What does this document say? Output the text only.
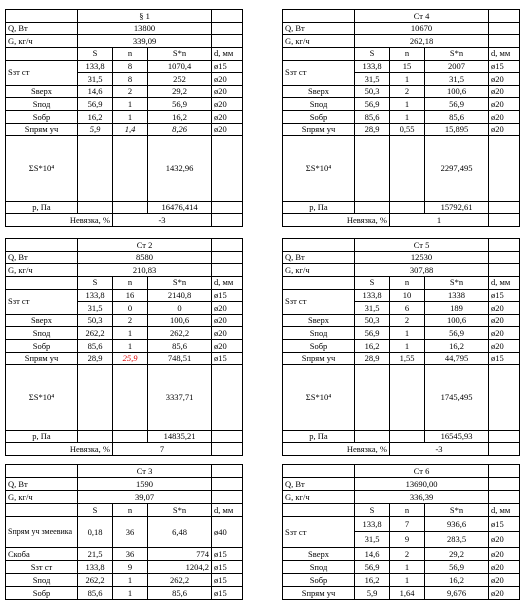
	§ 1			
Q, Вт	13800			
G, кг/ч	339,09			
	S	n	S*n	d, мм
Sзт ст	133,8	8	1070,4	ø15
	31,5	8	252	ø20
Sверх	14,6	2	29,2	ø20
Sпод	56,9	1	56,9	ø20
Sобр	16,2	1	16,2	ø20
Sпрям уч	5,9	1,4	8,26	ø20
ΣS*10⁴			1432,96	
р, Па			16476,414	
Невязка, %		-3		
	Ст 4			
Q, Вт	10670			
G, кг/ч	262,18			
	S	n	S*n	d, мм
Sзт ст	133,8	15	2007	ø15
	31,5	1	31,5	ø20
Sверх	50,3	2	100,6	ø20
Sпод	56,9	1	56,9	ø20
Sобр	85,6	1	85,6	ø20
Sпрям уч	28,9	0,55	15,895	ø20
ΣS*10⁴			2297,495	
р, Па			15792,61	
Невязка, %		1		
	Ст 2			
Q, Вт	8580			
G, кг/ч	210,83			
	S	n	S*n	d, мм
Sзт ст	133,8	16	2140,8	ø15
	31,5	0	0	ø20
Sверх	50,3	2	100,6	ø20
Sпод	262,2	1	262,2	ø20
Sобр	85,6	1	85,6	ø20
Sпрям уч	28,9	25,9	748,51	ø15
ΣS*10⁴			3337,71	
р, Па			14835,21	
Невязка, %		7		
	Ст 5			
Q, Вт	12530			
G, кг/ч	307,88			
	S	n	S*n	d, мм
Sзт ст	133,8	10	1338	ø15
	31,5	6	189	ø20
Sверх	50,3	2	100,6	ø20
Sпод	56,9	1	56,9	ø20
Sобр	16,2	1	16,2	ø20
Sпрям уч	28,9	1,55	44,795	ø15
ΣS*10⁴			1745,495	
р, Па			16545,93	
Невязка, %		-3		
	Ст 3			
Q, Вт	1590			
G, кг/ч	39,07			
	S	n	S*n	d, мм
Sпрям уч змеевика	0,18	36	6,48	ø40
Скоба	21,5	36	774	ø15
Sзт ст	133,8	9	1204,2	ø15
Sпод	262,2	1	262,2	ø15
Sобр	85,6	1	85,6	ø15
	Ст 6			
Q, Вт	13690,00			
G, кг/ч	336,39			
	S	n	S*n	d, мм
Sзт ст	133,8	7	936,6	ø15
	31,5	9	283,5	ø20
Sверх	14,6	2	29,2	ø20
Sпод	56,9	1	56,9	ø20
Sобр	16,2	1	16,2	ø20
Sпрям уч	5,9	1,64	9,676	ø20
